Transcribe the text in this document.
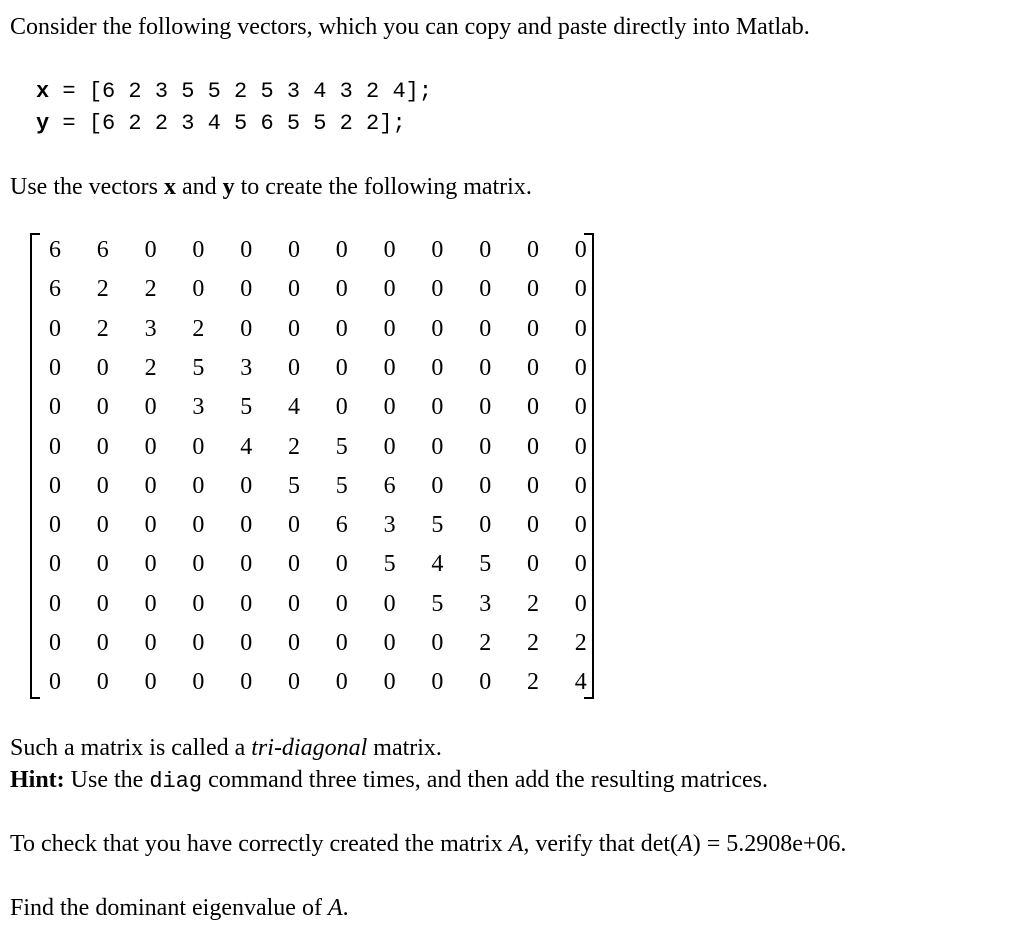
Consider the following vectors, which you can copy and paste directly into Matlab.
x = [6 2 3 5 5 2 5 3 4 3 2 4];
y = [6 2 2 3 4 5 6 5 5 2 2];
Use the vectors x and y to create the following matrix.
6	6	0	0	0	0	0	0	0	0	0	0
6	2	2	0	0	0	0	0	0	0	0	0
0	2	3	2	0	0	0	0	0	0	0	0
0	0	2	5	3	0	0	0	0	0	0	0
0	0	0	3	5	4	0	0	0	0	0	0
0	0	0	0	4	2	5	0	0	0	0	0
0	0	0	0	0	5	5	6	0	0	0	0
0	0	0	0	0	0	6	3	5	0	0	0
0	0	0	0	0	0	0	5	4	5	0	0
0	0	0	0	0	0	0	0	5	3	2	0
0	0	0	0	0	0	0	0	0	2	2	2
0	0	0	0	0	0	0	0	0	0	2	4
Such a matrix is called a tri-diagonal matrix.
Hint: Use the diag command three times, and then add the resulting matrices.
To check that you have correctly created the matrix A, verify that det(A) = 5.2908e+06.
Find the dominant eigenvalue of A.
